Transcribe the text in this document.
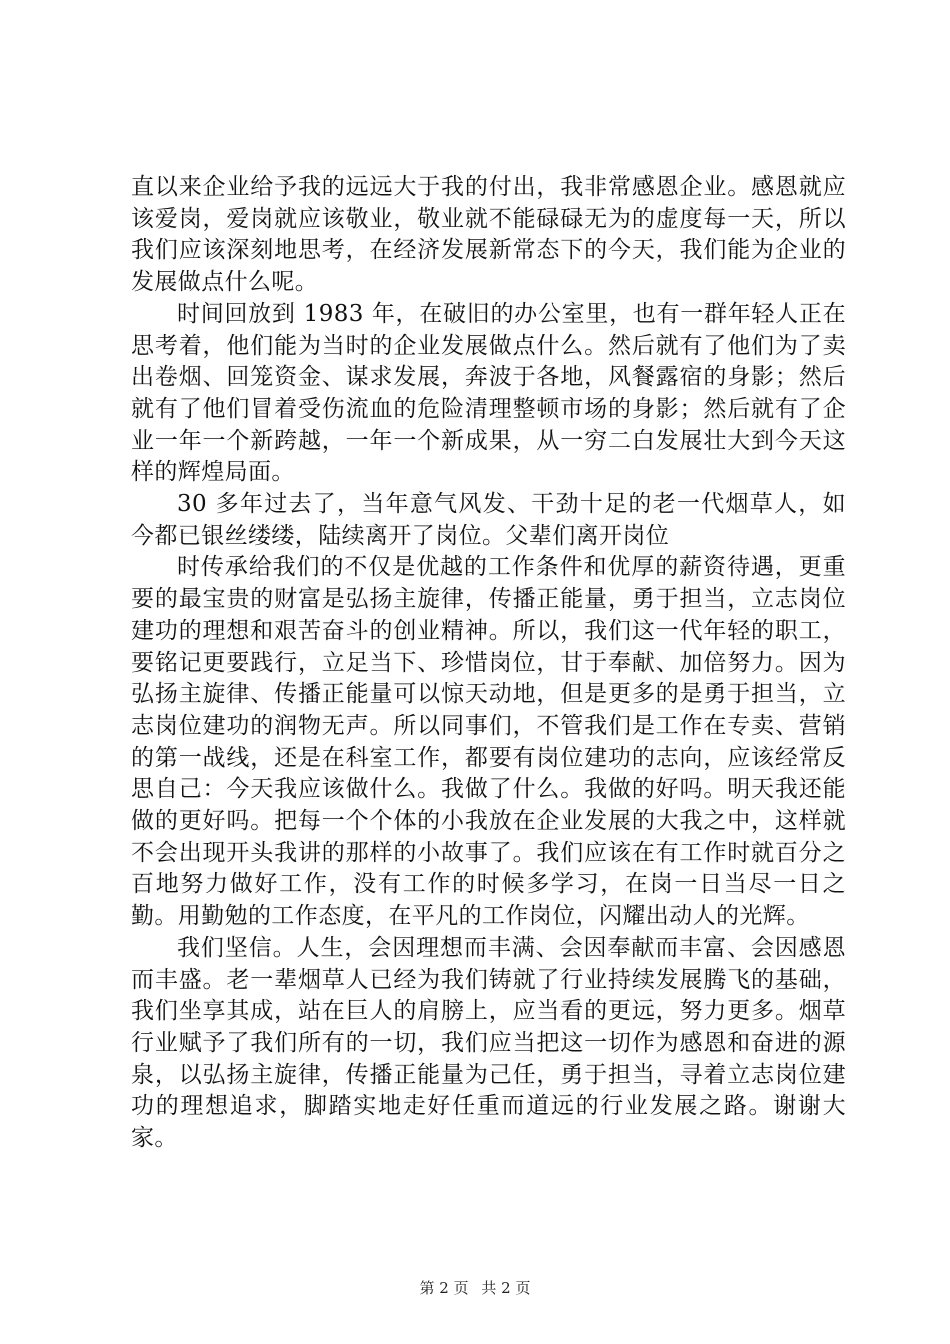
直以来企业给予我的远远大于我的付出，我非常感恩企业。感恩就应该爱岗，爱岗就应该敬业，敬业就不能碌碌无为的虚度每一天，所以我们应该深刻地思考，在经济发展新常态下的今天，我们能为企业的发展做点什么呢。

时间回放到 1983 年，在破旧的办公室里，也有一群年轻人正在思考着，他们能为当时的企业发展做点什么。然后就有了他们为了卖出卷烟、回笼资金、谋求发展，奔波于各地，风餐露宿的身影；然后就有了他们冒着受伤流血的危险清理整顿市场的身影；然后就有了企业一年一个新跨越，一年一个新成果，从一穷二白发展壮大到今天这样的辉煌局面。

30 多年过去了，当年意气风发、干劲十足的老一代烟草人，如今都已银丝缕缕，陆续离开了岗位。父辈们离开岗位

时传承给我们的不仅是优越的工作条件和优厚的薪资待遇，更重要的最宝贵的财富是弘扬主旋律，传播正能量，勇于担当，立志岗位建功的理想和艰苦奋斗的创业精神。所以，我们这一代年轻的职工，要铭记更要践行，立足当下、珍惜岗位，甘于奉献、加倍努力。因为弘扬主旋律、传播正能量可以惊天动地，但是更多的是勇于担当，立志岗位建功的润物无声。所以同事们，不管我们是工作在专卖、营销的第一战线，还是在科室工作，都要有岗位建功的志向，应该经常反思自己：今天我应该做什么。我做了什么。我做的好吗。明天我还能做的更好吗。把每一个个体的小我放在企业发展的大我之中，这样就不会出现开头我讲的那样的小故事了。我们应该在有工作时就百分之百地努力做好工作，没有工作的时候多学习，在岗一日当尽一日之勤。用勤勉的工作态度，在平凡的工作岗位，闪耀出动人的光辉。

我们坚信。人生，会因理想而丰满、会因奉献而丰富、会因感恩而丰盛。老一辈烟草人已经为我们铸就了行业持续发展腾飞的基础，我们坐享其成，站在巨人的肩膀上，应当看的更远，努力更多。烟草行业赋予了我们所有的一切，我们应当把这一切作为感恩和奋进的源泉，以弘扬主旋律，传播正能量为己任，勇于担当，寻着立志岗位建功的理想追求，脚踏实地走好任重而道远的行业发展之路。谢谢大家。

第 2 页 共 2 页
